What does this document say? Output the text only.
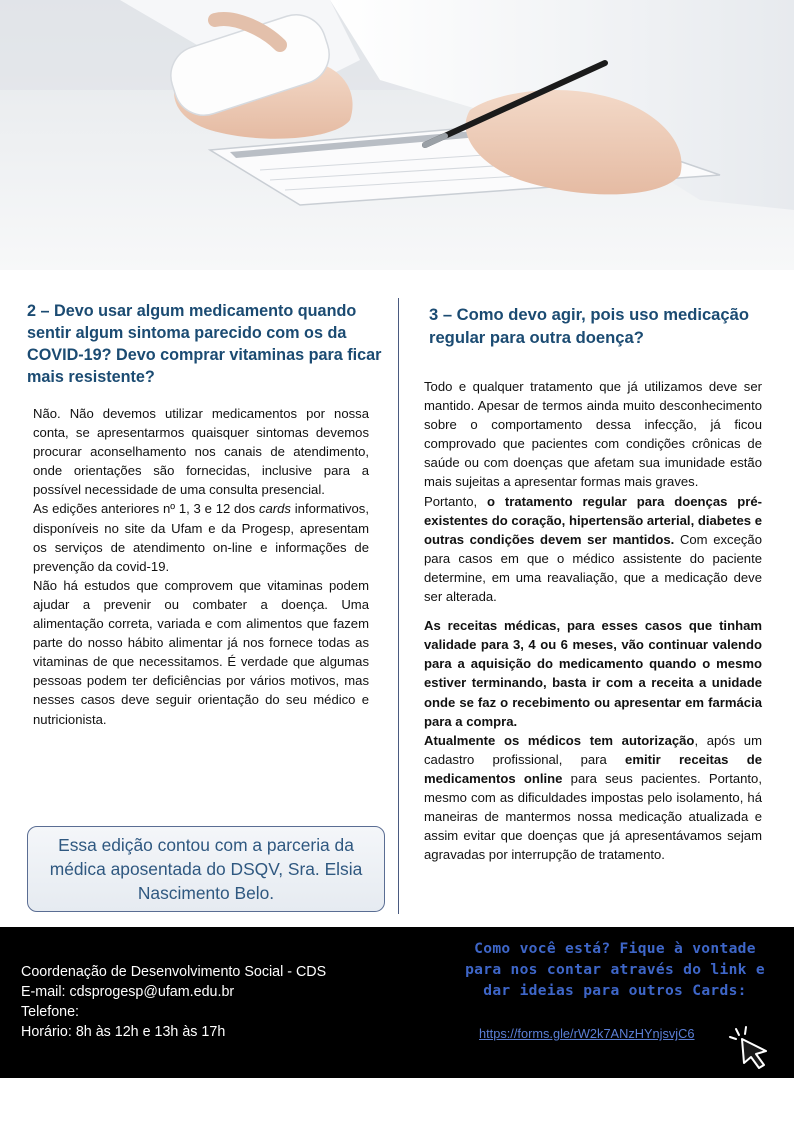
2 – Devo usar algum medicamento quando sentir algum sintoma parecido com os da COVID-19? Devo comprar vitaminas para ficar mais resistente?

Não. Não devemos utilizar medicamentos por nossa conta, se apresentarmos quaisquer sintomas devemos procurar aconselhamento nos canais de atendimento, onde orientações são fornecidas, inclusive para a possível necessidade de uma consulta presencial.

As edições anteriores nº 1, 3 e 12 dos cards informativos, disponíveis no site da Ufam e da Progesp, apresentam os serviços de atendimento on-line e informações de prevenção da covid-19.

Não há estudos que comprovem que vitaminas podem ajudar a prevenir ou combater a doença. Uma alimentação correta, variada e com alimentos que fazem parte do nosso hábito alimentar já nos fornece todas as vitaminas de que necessitamos. É verdade que algumas pessoas podem ter deficiências por vários motivos, mas nesses casos deve seguir orientação do seu médico e nutricionista.

Essa edição contou com a parceria da médica aposentada do DSQV, Sra. Elsia Nascimento Belo.
3 – Como devo agir, pois uso medicação regular para outra doença?

Todo e qualquer tratamento que já utilizamos deve ser mantido. Apesar de termos ainda muito desconhecimento sobre o comportamento dessa infecção, já ficou comprovado que pacientes com condições crônicas de saúde ou com doenças que afetam sua imunidade estão mais sujeitas a apresentar formas mais graves.

Portanto, o tratamento regular para doenças pré-existentes do coração, hipertensão arterial, diabetes e outras condições devem ser mantidos. Com exceção para casos em que o médico assistente do paciente determine, em uma reavaliação, que a medicação deve ser alterada.

As receitas médicas, para esses casos que tinham validade para 3, 4 ou 6 meses, vão continuar valendo para a aquisição do medicamento quando o mesmo estiver terminando, basta ir com a receita a unidade onde se faz o recebimento ou apresentar em farmácia para a compra.

Atualmente os médicos tem autorização, após um cadastro profissional, para emitir receitas de medicamentos online para seus pacientes. Portanto, mesmo com as dificuldades impostas pelo isolamento, há maneiras de mantermos nossa medicação atualizada e assim evitar que doenças que já apresentávamos sejam agravadas por interrupção de tratamento.

Coordenação de Desenvolvimento Social - CDS
E-mail: cdsprogesp@ufam.edu.br
Telefone:
Horário: 8h às 12h e 13h às 17h
Como você está? Fique à vontade
para nos contar através do link e
dar ideias para outros Cards:
https://forms.gle/rW2k7ANzHYnjsvjC6
